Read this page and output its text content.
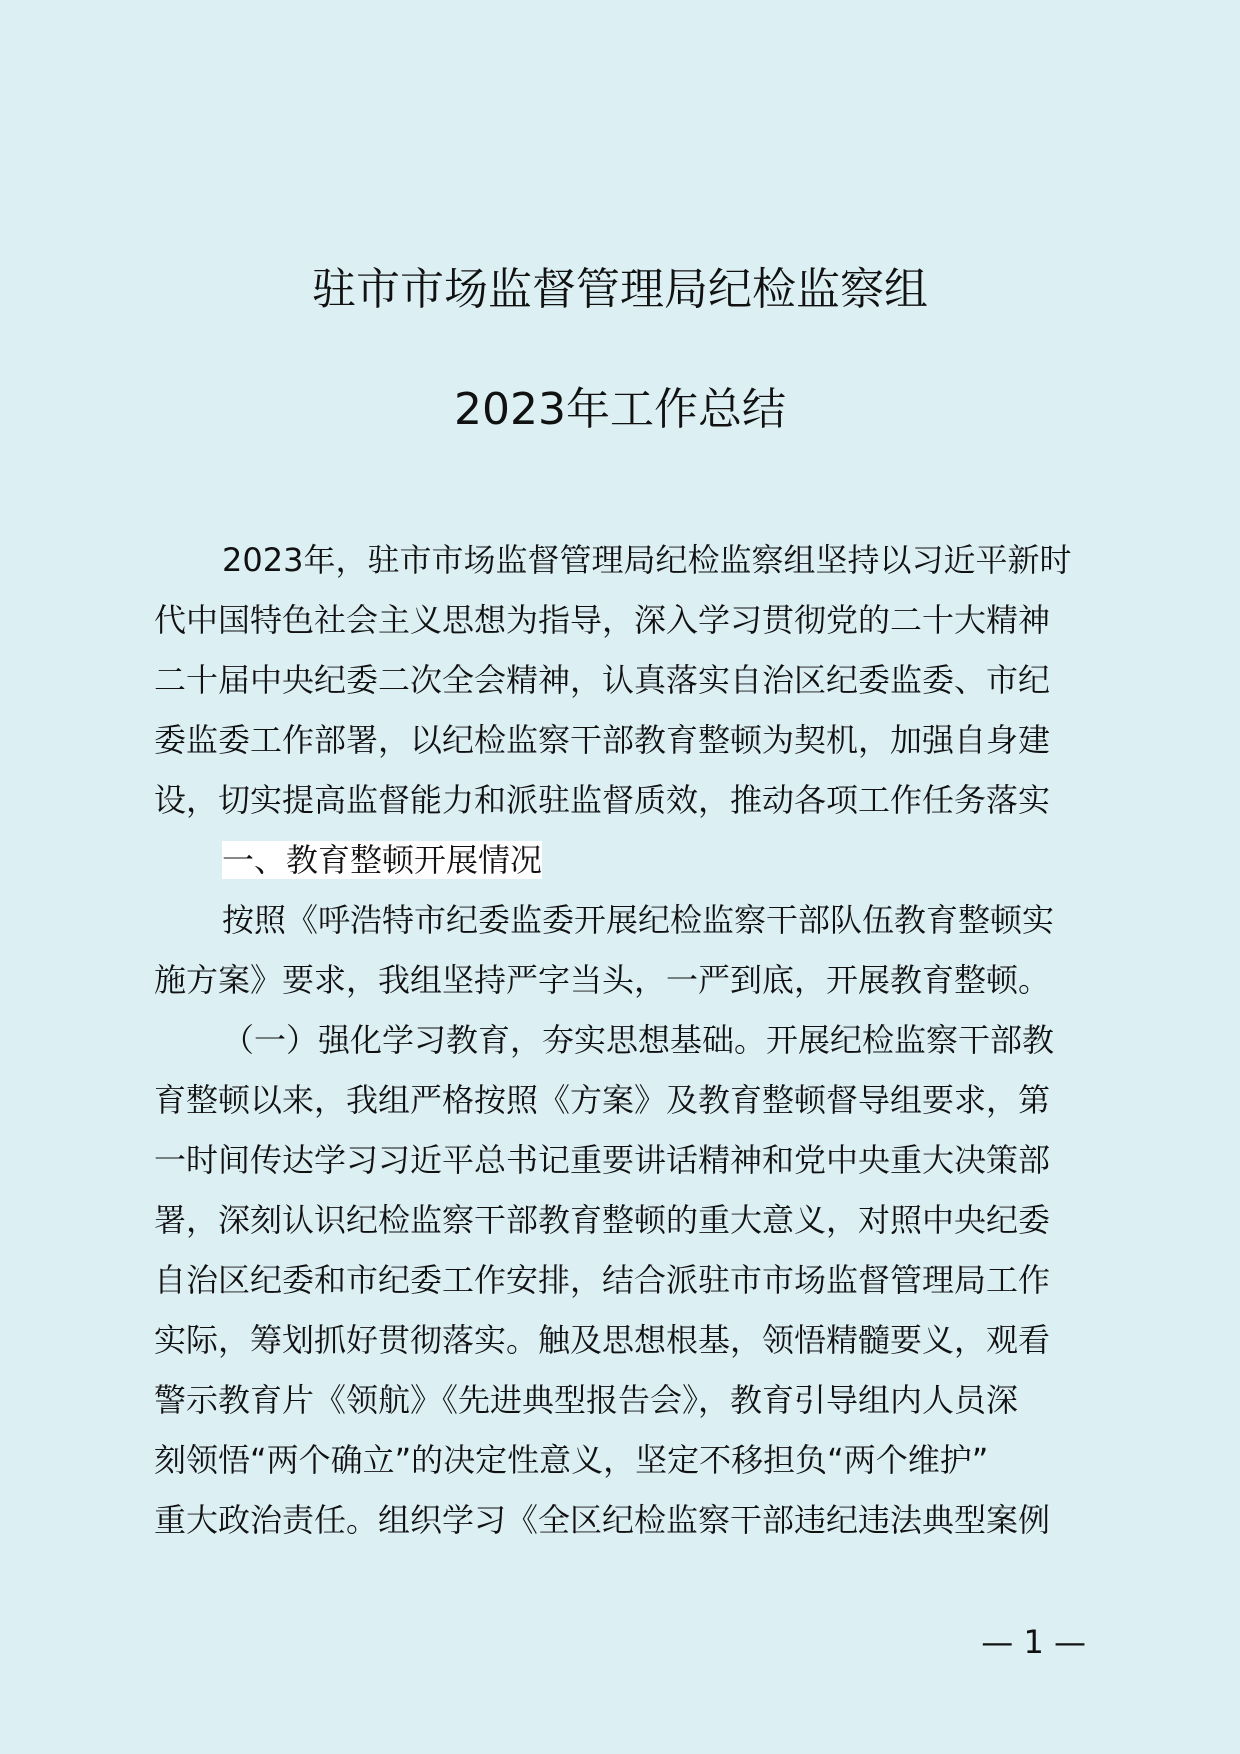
驻市市场监督管理局纪检监察组
2023年工作总结
2023年，驻市市场监督管理局纪检监察组坚持以习近平新时
代中国特色社会主义思想为指导，深入学习贯彻党的二十大精神
二十届中央纪委二次全会精神，认真落实自治区纪委监委、市纪
委监委工作部署，以纪检监察干部教育整顿为契机，加强自身建
设，切实提高监督能力和派驻监督质效，推动各项工作任务落实
一、教育整顿开展情况
按照《呼浩特市纪委监委开展纪检监察干部队伍教育整顿实
施方案》要求，我组坚持严字当头，一严到底，开展教育整顿。
（一）强化学习教育，夯实思想基础。开展纪检监察干部教
育整顿以来，我组严格按照《方案》及教育整顿督导组要求，第
一时间传达学习习近平总书记重要讲话精神和党中央重大决策部
署，深刻认识纪检监察干部教育整顿的重大意义，对照中央纪委
自治区纪委和市纪委工作安排，结合派驻市市场监督管理局工作
实际，筹划抓好贯彻落实。触及思想根基，领悟精髓要义，观看
警示教育片《领航》《先进典型报告会》，教育引导组内人员深
刻领悟“两个确立”的决定性意义，坚定不移担负“两个维护”
重大政治责任。组织学习《全区纪检监察干部违纪违法典型案例
— 1 —
